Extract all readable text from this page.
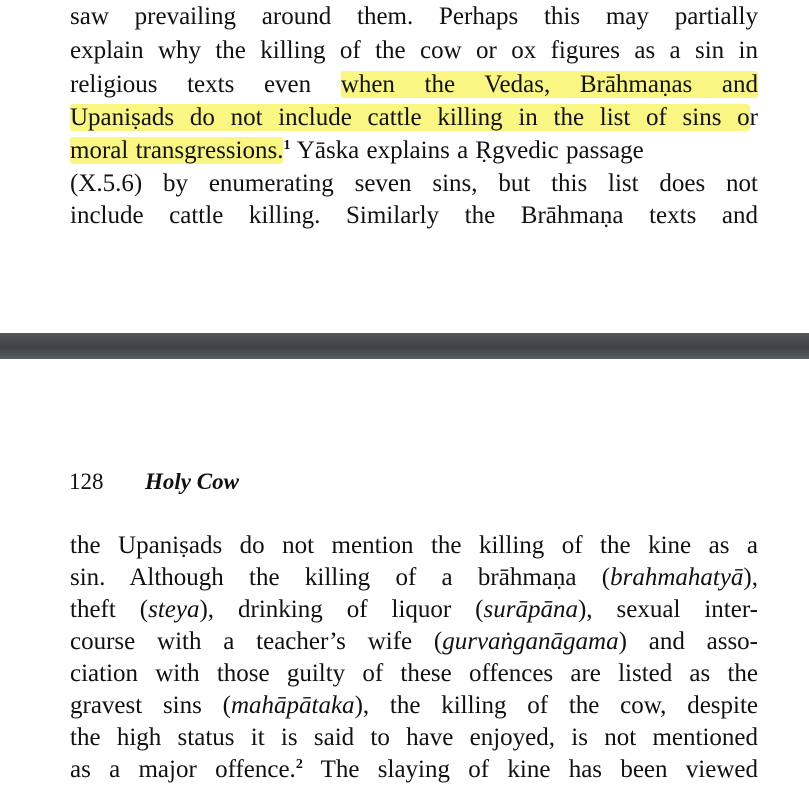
saw prevailing around them. Perhaps this may partially
explain why the killing of the cow or ox figures as a sin in
religious texts even when the Vedas, Brāhmaṇas and
Upaniṣads do not include cattle killing in the list of sins or
moral transgressions.$^1$ Yāska explains a Ṛgvedic passage
(X.5.6) by enumerating seven sins, but this list does not
include cattle killing. Similarly the Brāhmaṇa texts and
128 Holy Cow
the Upaniṣads do not mention the killing of the kine as a
sin. Although the killing of a brāhmaṇa (brahmahatyā),
theft (steya), drinking of liquor (surāpāna), sexual inter-
course with a teacher’s wife (gurvaṅganāgama) and asso-
ciation with those guilty of these offences are listed as the
gravest sins (mahāpātaka), the killing of the cow, despite
the high status it is said to have enjoyed, is not mentioned
as a major offence.$^2$ The slaying of kine has been viewed
